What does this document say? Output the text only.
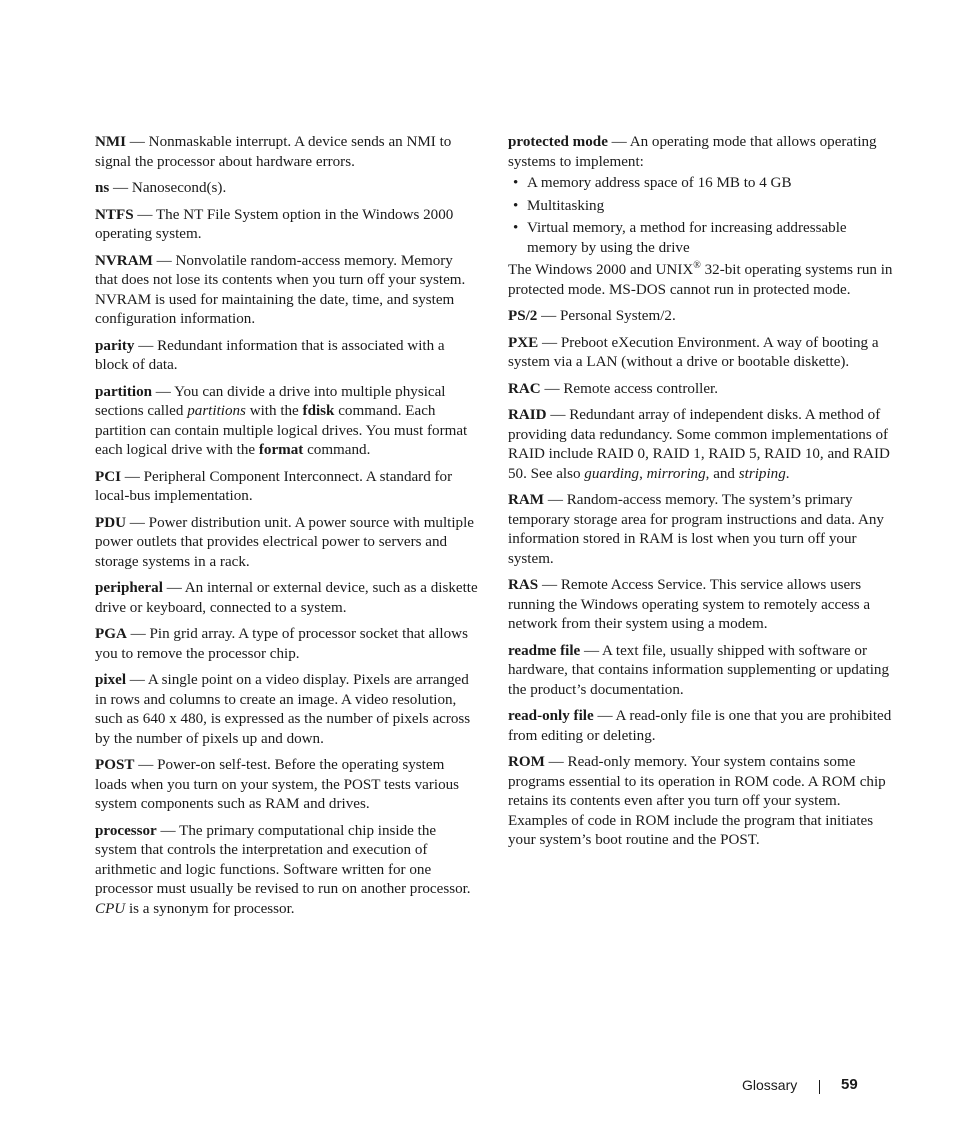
NMI — Nonmaskable interrupt. A device sends an NMI to signal the processor about hardware errors.

ns — Nanosecond(s).

NTFS — The NT File System option in the Windows 2000 operating system.

NVRAM — Nonvolatile random-access memory. Memory that does not lose its contents when you turn off your system. NVRAM is used for maintaining the date, time, and system configuration information.

parity — Redundant information that is associated with a block of data.

partition — You can divide a drive into multiple physical sections called partitions with the fdisk command. Each partition can contain multiple logical drives. You must format each logical drive with the format command.

PCI — Peripheral Component Interconnect. A standard for local-bus implementation.

PDU — Power distribution unit. A power source with multiple power outlets that provides electrical power to servers and storage systems in a rack.

peripheral — An internal or external device, such as a diskette drive or keyboard, connected to a system.

PGA — Pin grid array. A type of processor socket that allows you to remove the processor chip.

pixel — A single point on a video display. Pixels are arranged in rows and columns to create an image. A video resolution, such as 640 x 480, is expressed as the number of pixels across by the number of pixels up and down.

POST — Power-on self-test. Before the operating system loads when you turn on your system, the POST tests various system components such as RAM and drives.

processor — The primary computational chip inside the system that controls the interpretation and execution of arithmetic and logic functions. Software written for one processor must usually be revised to run on another processor. CPU is a synonym for processor.

protected mode — An operating mode that allows operating systems to implement:

• A memory address space of 16 MB to 4 GB
• Multitasking
• Virtual memory, a method for increasing addressable memory by using the drive

The Windows 2000 and UNIX® 32-bit operating systems run in protected mode. MS-DOS cannot run in protected mode.

PS/2 — Personal System/2.

PXE — Preboot eXecution Environment. A way of booting a system via a LAN (without a drive or bootable diskette).

RAC — Remote access controller.

RAID — Redundant array of independent disks. A method of providing data redundancy. Some common implementations of RAID include RAID 0, RAID 1, RAID 5, RAID 10, and RAID 50. See also guarding, mirroring, and striping.

RAM — Random-access memory. The system’s primary temporary storage area for program instructions and data. Any information stored in RAM is lost when you turn off your system.

RAS — Remote Access Service. This service allows users running the Windows operating system to remotely access a network from their system using a modem.

readme file — A text file, usually shipped with software or hardware, that contains information supplementing or updating the product’s documentation.

read-only file — A read-only file is one that you are prohibited from editing or deleting.

ROM — Read-only memory. Your system contains some programs essential to its operation in ROM code. A ROM chip retains its contents even after you turn off your system. Examples of code in ROM include the program that initiates your system’s boot routine and the POST.

Glossary	59
